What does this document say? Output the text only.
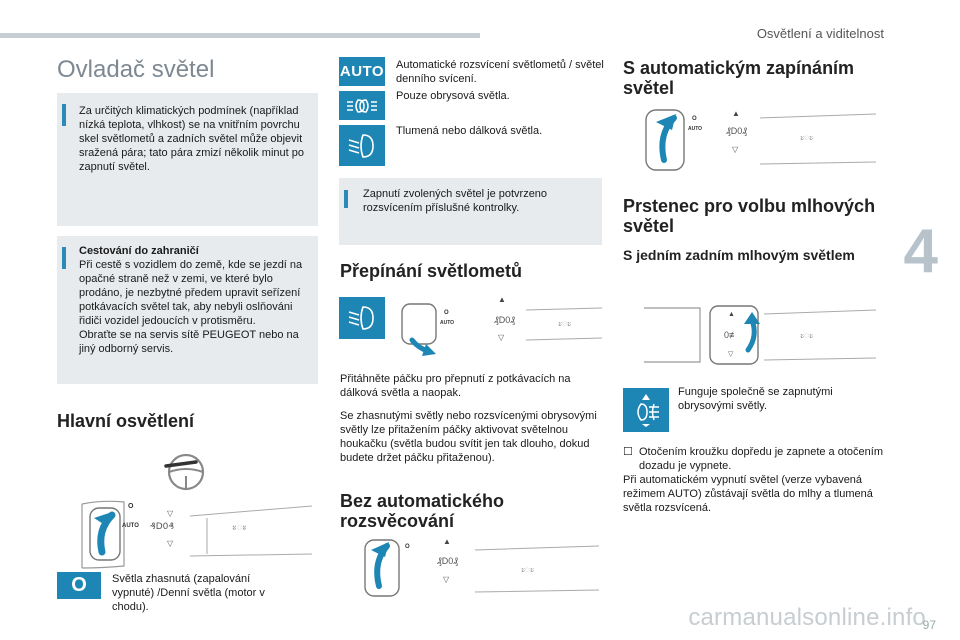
Osvětlení a viditelnost
4
carmanualsonline.info
97
Ovladač světel
Za určitých klimatických podmínek (například nízká teplota, vlhkost) se na vnitřním povrchu skel světlometů a zadních světel může objevit sražená pára; tato pára zmizí několik minut po zapnutí světel.
Cestování do zahraničí
Při cestě s vozidlem do země, kde se jezdí na opačné straně než v zemi, ve které bylo prodáno, je nezbytné předem upravit seřízení potkávacích světel tak, aby nebyli oslňováni řidiči vozidel jedoucích v protisměru.
Obraťte se na servis sítě PEUGEOT nebo na jiný odborný servis.
Hlavní osvětlení
O
AUTO ₰D0₰
▽
▽
ะ◌ะ
O Světla zhasnutá (zapalování vypnuté) /Denní světla (motor v chodu).
AUTO Automatické rozsvícení světlometů / světel denního svícení.
Pouze obrysová světla.
Tlumená nebo dálková světla.
Zapnutí zvolených světel je potvrzeno rozsvícením příslušné kontrolky.
Přepínání světlometů
O
AUTO
▲
₰D0₰
▽
ะ◌ะ
Přitáhněte páčku pro přepnutí z potkávacích na dálková světla a naopak.
Se zhasnutými světly nebo rozsvícenými obrysovými světly lze přitažením páčky aktivovat světelnou houkačku (světla budou svítit jen tak dlouho, dokud budete držet páčku přitaženou).
Bez automatického rozsvěcování
O
▲
₰D0₰
▽
ะ◌ะ
S automatickým zapínáním světel
O
AUTO
▲
₰D0₰
▽
ะ◌ะ
Prstenec pro volbu mlhových světel
S jedním zadním mlhovým světlem
▲
0≢
▽
ะ◌ะ
Funguje společně se zapnutými obrysovými světly.
☐ Otočením kroužku dopředu je zapnete a otočením dozadu je vypnete.
Při automatickém vypnutí světel (verze vybavená režimem AUTO) zůstávají světla do mlhy a tlumená světla rozsvícená.
